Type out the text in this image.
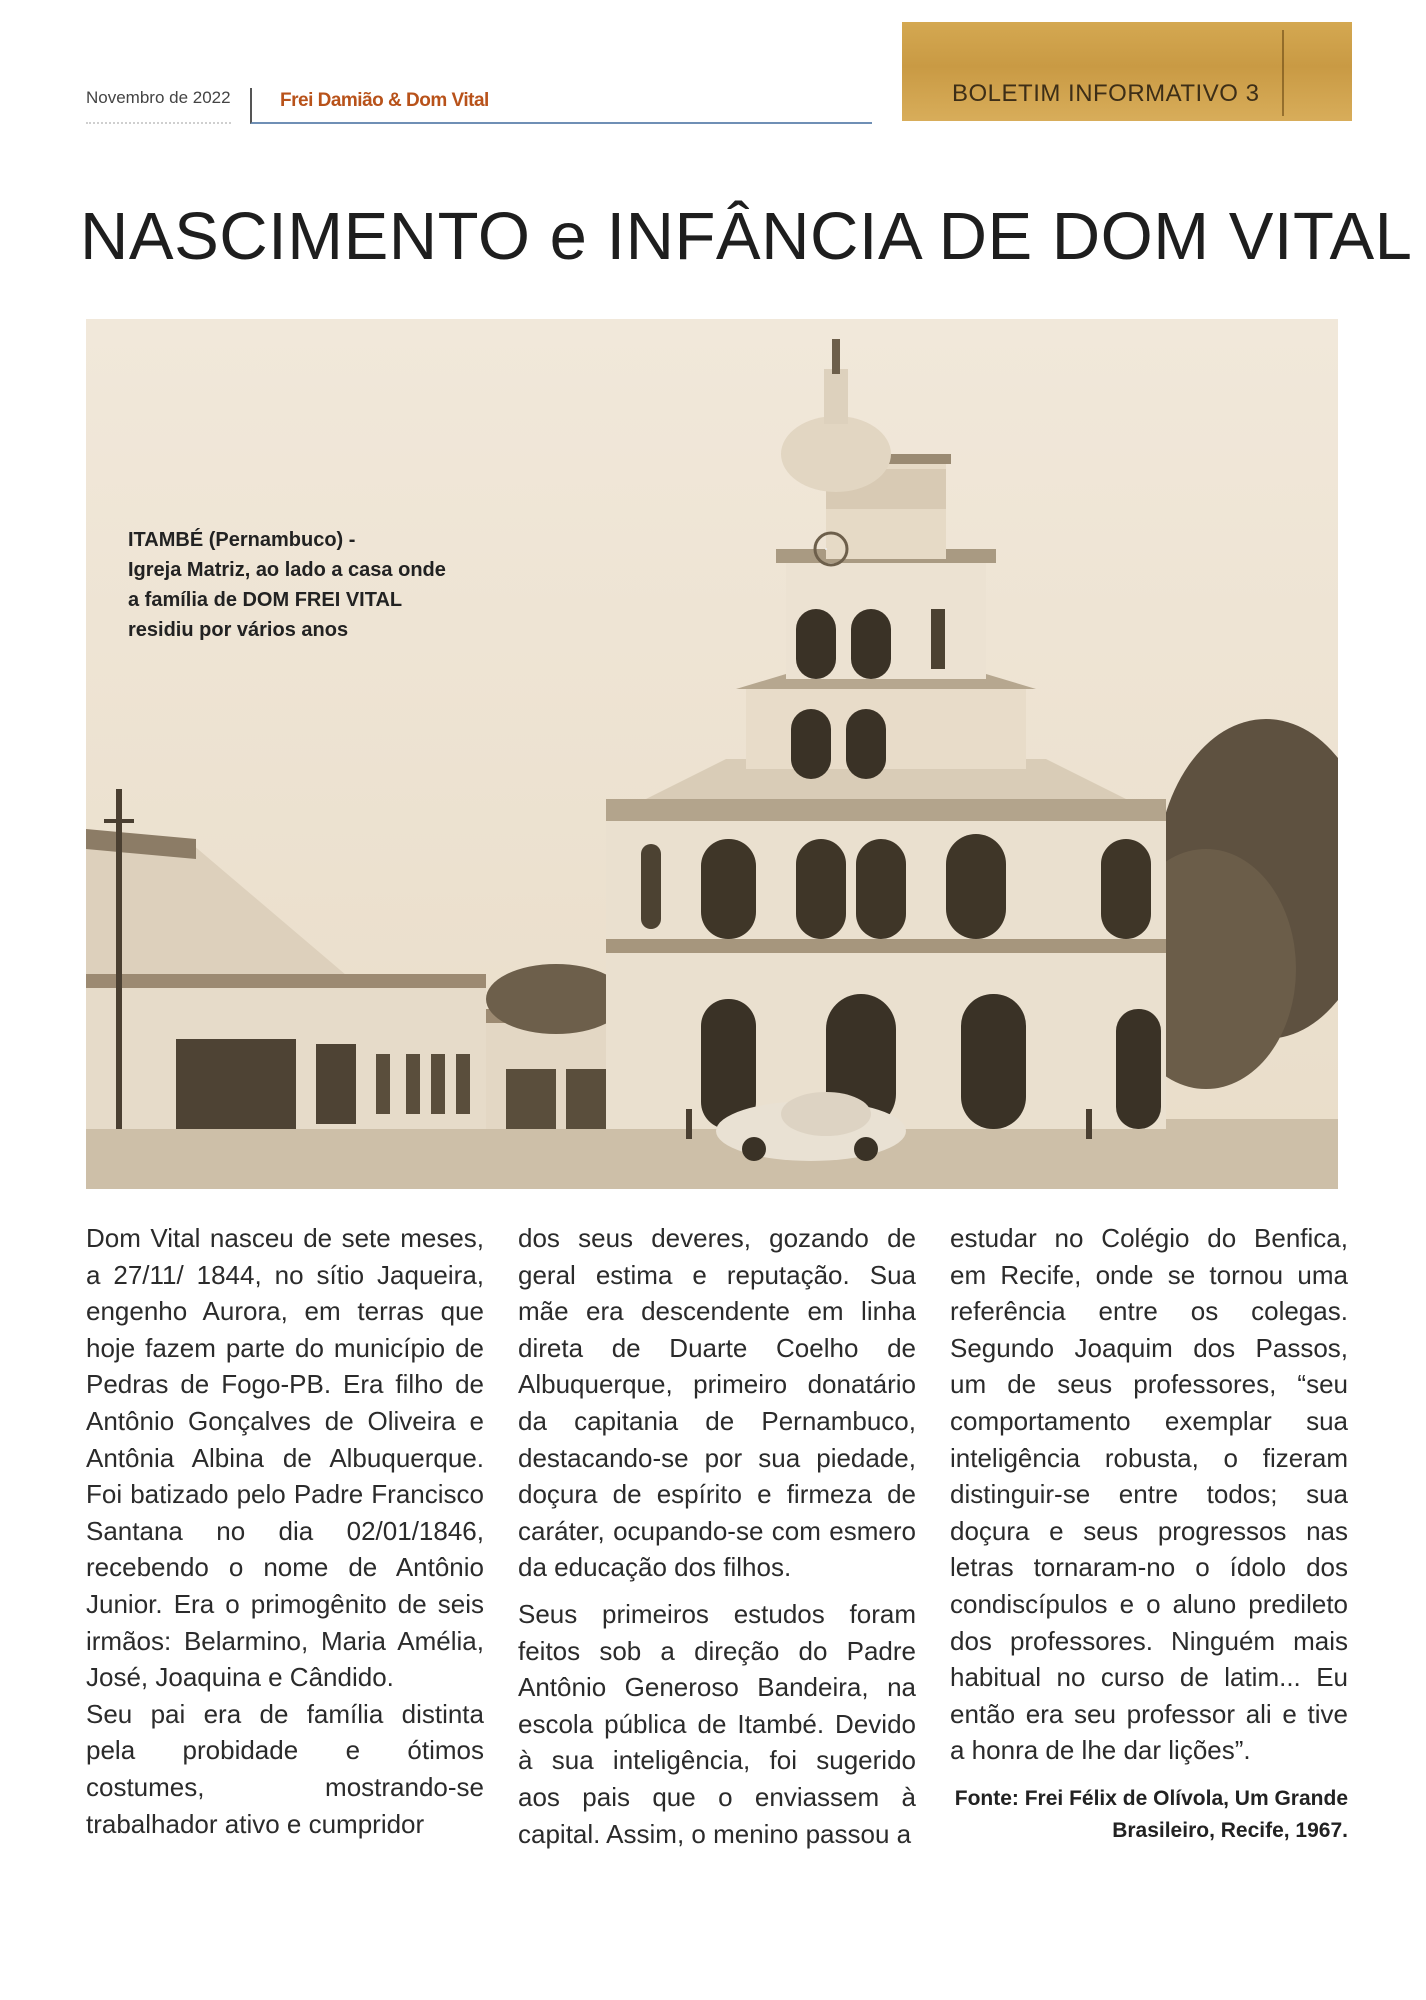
Novembro de 2022	Frei Damião & Dom Vital	BOLETIM INFORMATIVO 3
NASCIMENTO e INFÂNCIA DE DOM VITAL
ITAMBÉ (Pernambuco) -
Igreja Matriz, ao lado a casa onde
a família de DOM FREI VITAL
residiu por vários anos

Dom Vital nasceu de sete meses, a 27/11/ 1844, no sítio Jaqueira, engenho Aurora, em terras que hoje fazem parte do município de Pedras de Fogo-PB. Era filho de Antônio Gonçalves de Oliveira e Antônia Albina de Albuquerque. Foi batizado pelo Padre Francisco Santana no dia 02/01/1846, recebendo o nome de Antônio Junior. Era o primogênito de seis irmãos: Belarmino, Maria Amélia, José, Joaquina e Cândido.

Seu pai era de família distinta pela probidade e ótimos costumes, mostrando-se trabalhador ativo e cumpridor

dos seus deveres, gozando de geral estima e reputação. Sua mãe era descendente em linha direta de Duarte Coelho de Albuquerque, primeiro donatário da capitania de Pernambuco, destacando-se por sua piedade, doçura de espírito e firmeza de caráter, ocupando-se com esmero da educação dos filhos.

Seus primeiros estudos foram feitos sob a direção do Padre Antônio Generoso Bandeira, na escola pública de Itambé. Devido à sua inteligência, foi sugerido aos pais que o enviassem à capital. Assim, o menino passou a

estudar no Colégio do Benfica, em Recife, onde se tornou uma referência entre os colegas. Segundo Joaquim dos Passos, um de seus professores, “seu comportamento exemplar sua inteligência robusta, o fizeram distinguir-se entre todos; sua doçura e seus progressos nas letras tornaram-no o ídolo dos condiscípulos e o aluno predileto dos professores. Ninguém mais habitual no curso de latim... Eu então era seu professor ali e tive a honra de lhe dar lições”.

Fonte: Frei Félix de Olívola, Um Grande Brasileiro, Recife, 1967.
